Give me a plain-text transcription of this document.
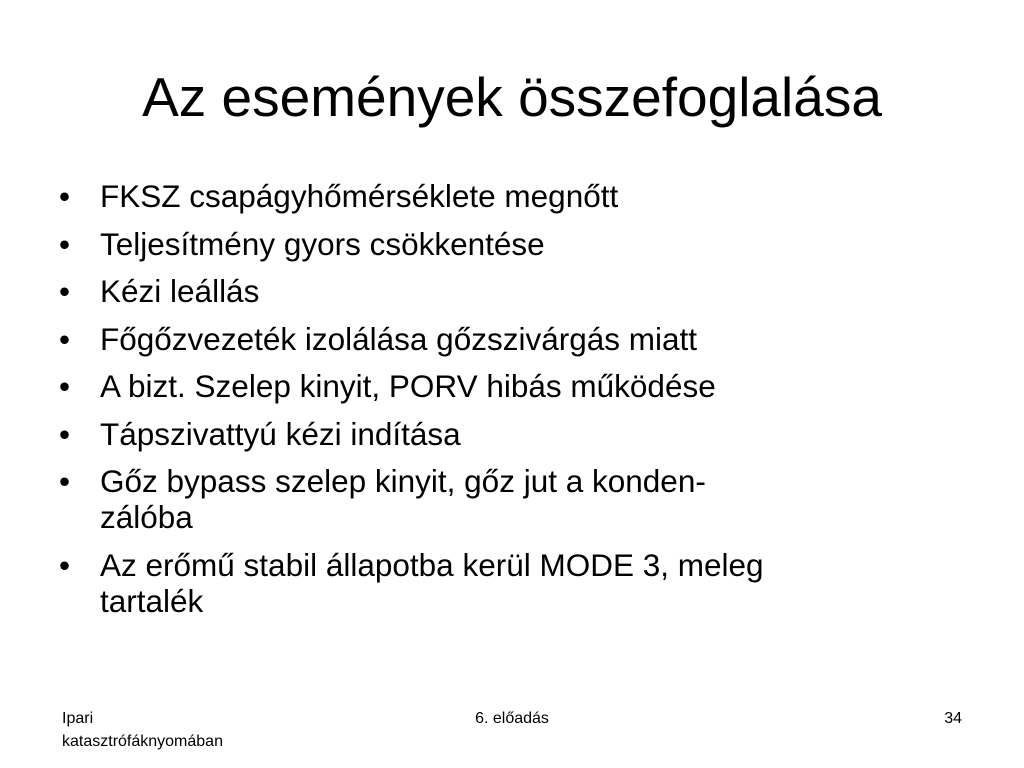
Az események összefoglalása
• FKSZ csapágyhőmérséklete megnőtt
• Teljesítmény gyors csökkentése
• Kézi leállás
• Főgőzvezeték izolálása gőzszivárgás miatt
• A bizt. Szelep kinyit, PORV hibás működése
• Tápszivattyú kézi indítása
• Gőz bypass szelep kinyit, gőz jut a konden-
zálóba
• Az erőmű stabil állapotba kerül MODE 3, meleg
tartalék
Ipari
katasztrófáknyomában
6. előadás	34
